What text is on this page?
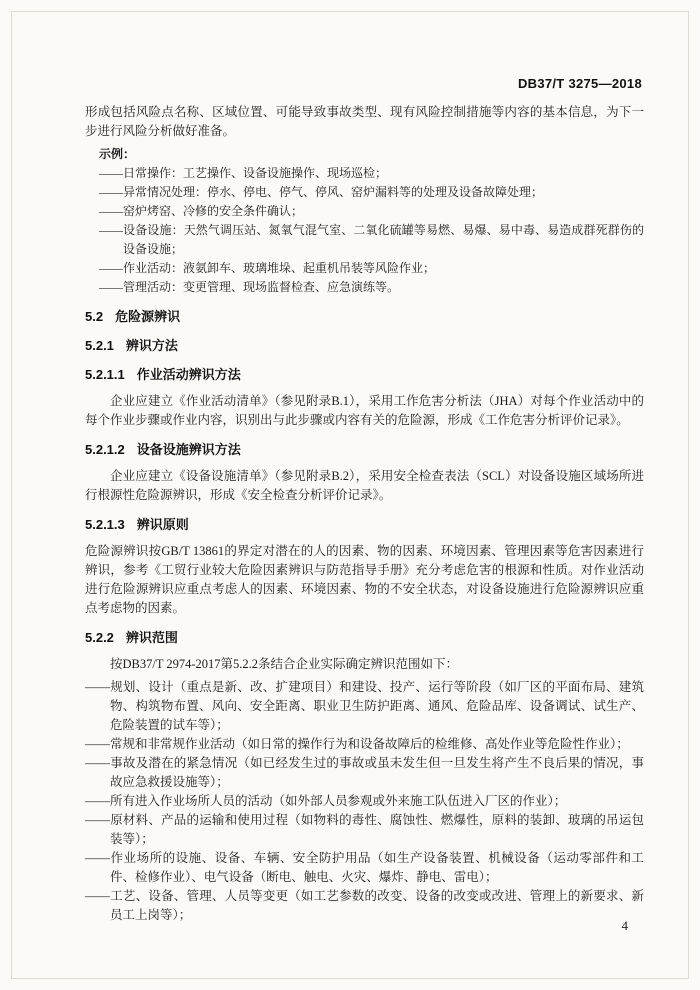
DB37/T 3275—2018

形成包括风险点名称、区域位置、可能导致事故类型、现有风险控制措施等内容的基本信息，为下一步进行风险分析做好准备。

示例：
——日常操作：工艺操作、设备设施操作、现场巡检；
——异常情况处理：停水、停电、停气、停风、窑炉漏料等的处理及设备故障处理；
——窑炉烤窑、冷修的安全条件确认；
——设备设施：天然气调压站、氮氧气混气室、二氧化硫罐等易燃、易爆、易中毒、易造成群死群伤的设备设施；
——作业活动：液氨卸车、玻璃堆垛、起重机吊装等风险作业；
——管理活动：变更管理、现场监督检查、应急演练等。
5.2 危险源辨识
5.2.1 辨识方法
5.2.1.1 作业活动辨识方法

企业应建立《作业活动清单》（参见附录B.1），采用工作危害分析法（JHA）对每个作业活动中的每个作业步骤或作业内容，识别出与此步骤或内容有关的危险源，形成《工作危害分析评价记录》。

5.2.1.2 设备设施辨识方法

企业应建立《设备设施清单》（参见附录B.2），采用安全检查表法（SCL）对设备设施区域场所进行根源性危险源辨识，形成《安全检查分析评价记录》。

5.2.1.3 辨识原则

危险源辨识按GB/T 13861的界定对潜在的人的因素、物的因素、环境因素、管理因素等危害因素进行辨识，参考《工贸行业较大危险因素辨识与防范指导手册》充分考虑危害的根源和性质。对作业活动进行危险源辨识应重点考虑人的因素、环境因素、物的不安全状态，对设备设施进行危险源辨识应重点考虑物的因素。

5.2.2 辨识范围

按DB37/T 2974-2017第5.2.2条结合企业实际确定辨识范围如下：

——规划、设计（重点是新、改、扩建项目）和建设、投产、运行等阶段（如厂区的平面布局、建筑物、构筑物布置、风向、安全距离、职业卫生防护距离、通风、危险品库、设备调试、试生产、危险装置的试车等）；
——常规和非常规作业活动（如日常的操作行为和设备故障后的检维修、高处作业等危险性作业）；
——事故及潜在的紧急情况（如已经发生过的事故或虽未发生但一旦发生将产生不良后果的情况，事故应急救援设施等）；
——所有进入作业场所人员的活动（如外部人员参观或外来施工队伍进入厂区的作业）；
——原材料、产品的运输和使用过程（如物料的毒性、腐蚀性、燃爆性，原料的装卸、玻璃的吊运包装等）；
——作业场所的设施、设备、车辆、安全防护用品（如生产设备装置、机械设备（运动零部件和工件、检修作业）、电气设备（断电、触电、火灾、爆炸、静电、雷电）；
——工艺、设备、管理、人员等变更（如工艺参数的改变、设备的改变或改进、管理上的新要求、新员工上岗等）；
4
